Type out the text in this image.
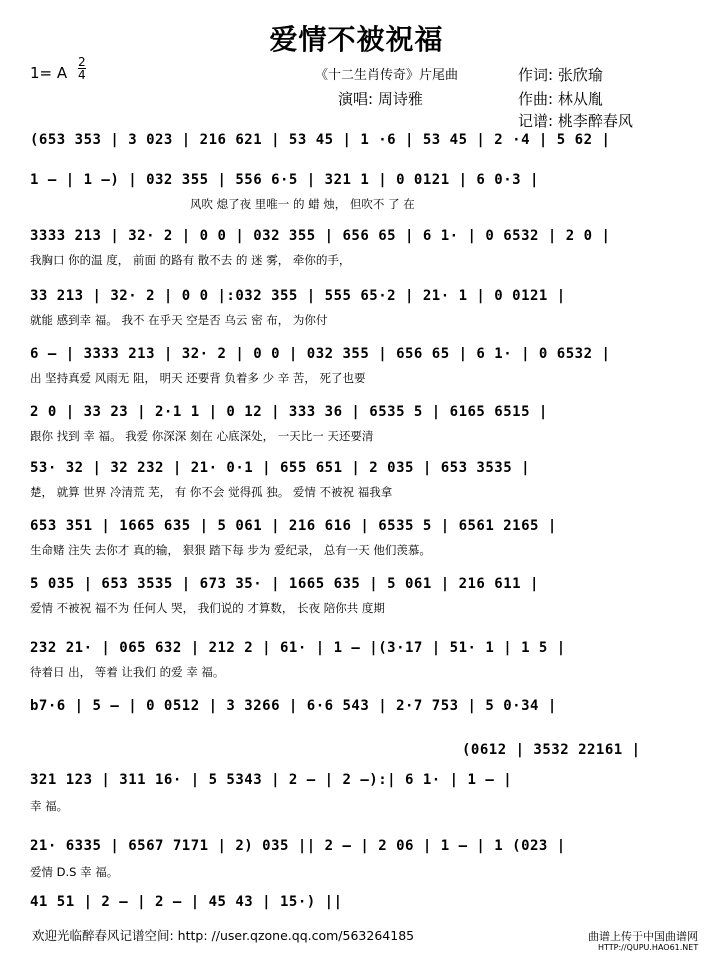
爱情不被祝福
1= A $\frac{2}{4}$	《十二生肖传奇》片尾曲
演唱: 周诗雅
作词: 张欣瑜
作曲: 林从胤
记谱: 桃李醉春风
(653 353 | 3 023 | 216 621 | 53 45 | 1 ·6 | 53 45 | 2 ·4 | 5 62 |
1 – | 1 –) | 032 355 | 556 6·5 | 321 1 | 0 0121 | 6 0·3 |
风吹 熄了夜 里唯一 的 蜡 烛， 但吹不 了 在
3333 213 | 32· 2 | 0 0 | 032 355 | 656 65 | 6 1· | 0 6532 | 2 0 |
我胸口 你的温 度， 前面 的路有 散不去 的 迷 雾， 牵你的手，
33 213 | 32· 2 | 0 0 |:032 355 | 555 65·2 | 21· 1 | 0 0121 |
就能 感到幸 福。 我不 在乎天 空是否 乌云 密 布， 为你付
6 – | 3333 213 | 32· 2 | 0 0 | 032 355 | 656 65 | 6 1· | 0 6532 |
出 坚持真爱 风雨无 阻， 明天 还要背 负着多 少 辛 苦， 死了也要
2 0 | 33 23 | 2·1 1 | 0 12 | 333 36 | 6535 5 | 6165 6515 |
跟你 找到 幸 福。 我爱 你深深 刻在 心底深处， 一天比一 天还要清
53· 32 | 32 232 | 21· 0·1 | 655 651 | 2 035 | 653 3535 |
楚， 就算 世界 冷清荒 芜， 有 你不会 觉得孤 独。 爱情 不被祝 福我拿
653 351 | 1665 635 | 5 061 | 216 616 | 6535 5 | 6561 2165 |
生命赌 注失 去你才 真的输， 狠狠 踏下每 步为 爱纪录， 总有一天 他们羡慕。
5 035 | 653 3535 | 673 35· | 1665 635 | 5 061 | 216 611 |
爱情 不被祝 福不为 任何人 哭， 我们说的 才算数， 长夜 陪你共 度期
232 21· | 065 632 | 212 2 | 61· | 1 – |(3·17 | 51· 1 | 1 5 |
待着日 出， 等着 让我们 的爱 幸 福。
b7·6 | 5 – | 0 0512 | 3 3266 | 6·6 543 | 2·7 753 | 5 0·34 |
(0612 | 3532 22161 |
321 123 | 311 16· | 5 5343 | 2 – | 2 –):| 6 1· | 1 – |
幸 福。
21· 6335 | 6567 7171 | 2) 035 || 2 – | 2 06 | 1 – | 1 (023 |
爱情 D.S 幸 福。
41 51 | 2 – | 2 – | 45 43 | 15·) ||
欢迎光临醉春风记谱空间: http: //user.qzone.qq.com/563264185	曲谱上传于中国曲谱网
HTTP://QUPU.HAO61.NET
